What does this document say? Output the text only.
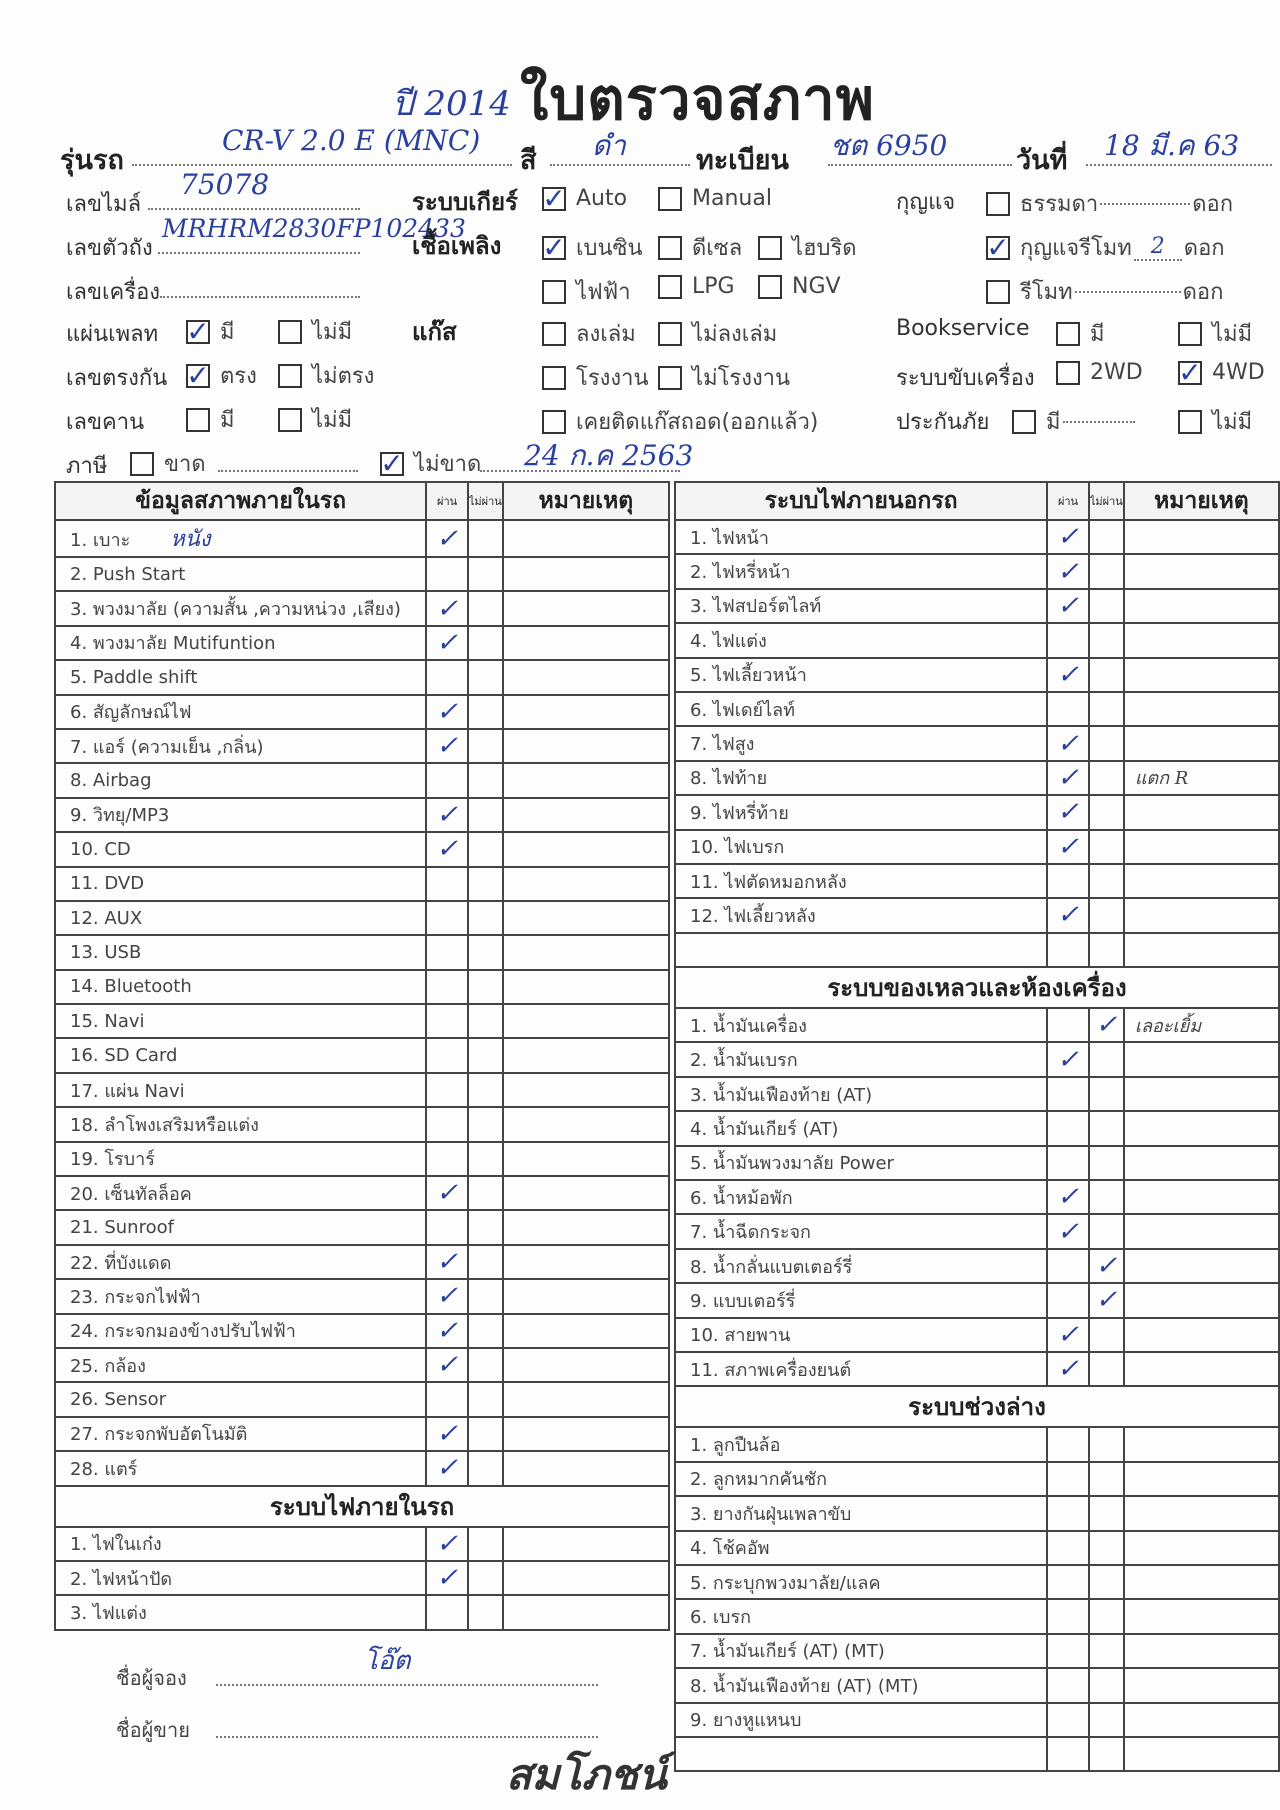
ปี 2014 ใบตรวจสภาพ
รุ่นรถ
CR-V 2.0 E (MNC)
สี ดำ	ทะเบียน ชต 6950	วันที่ 18 มี.ค 63
เลขไมล์
75078
เลขตัวถัง
MRHRM2830FP102433
เลขเครื่อง
แผ่นเพลท ✓ มี	ไม่มี
เลขตรงกัน ✓ ตรง	ไม่ตรง
เลขคาน	มี	ไม่มี
ภาษี	ขาด	✓ ไม่ขาด 24 ก.ค 2563
ระบบเกียร์ ✓ Auto	Manual
เชื้อเพลิง ✓ เบนซิน ดีเซล ไฮบริด
ไฟฟ้า	LPG	NGV
แก๊ส	ลงเล่ม	ไม่ลงเล่ม
โรงงาน ไม่โรงงาน
เคยติดแก๊สถอด(ออกแล้ว)
กุญแจ	ธรรมดา	ดอก
✓ กุญแจรีโมท 2 ดอก
รีโมท	ดอก
Bookservice	มี	ไม่มี
ระบบขับเครื่อง	2WD ✓ 4WD
ประกันภัย	มี	ไม่มี
ข้อมูลสภาพภายในรถ	ผ่าน	ไม่ผ่าน	หมายเหตุ
1. เบาะ หนัง	✓		
2. Push Start			
3. พวงมาลัย (ความสั้น ,ความหน่วง ,เสียง)	✓		
4. พวงมาลัย Mutifuntion	✓		
5. Paddle shift			
6. สัญลักษณ์ไฟ	✓		
7. แอร์ (ความเย็น ,กลิ่น)	✓		
8. Airbag			
9. วิทยุ/MP3	✓		
10. CD	✓		
11. DVD			
12. AUX			
13. USB			
14. Bluetooth			
15. Navi			
16. SD Card			
17. แผ่น Navi			
18. ลำโพงเสริมหรือแต่ง			
19. โรบาร์			
20. เซ็นทัลล็อค	✓		
21. Sunroof			
22. ที่บังแดด	✓		
23. กระจกไฟฟ้า	✓		
24. กระจกมองข้างปรับไฟฟ้า	✓		
25. กล้อง	✓		
26. Sensor			
27. กระจกพับอัตโนมัติ	✓		
28. แตร์	✓		
ระบบไฟภายในรถ			
1. ไฟในเก๋ง	✓		
2. ไฟหน้าปัด	✓		
3. ไฟแต่ง			
ระบบไฟภายนอกรถ	ผ่าน	ไม่ผ่าน	หมายเหตุ
1. ไฟหน้า	✓		
2. ไฟหรี่หน้า	✓		
3. ไฟสปอร์ตไลท์	✓		
4. ไฟแต่ง			
5. ไฟเลี้ยวหน้า	✓		
6. ไฟเดย์ไลท์			
7. ไฟสูง	✓		
8. ไฟท้าย	✓		แตก R
9. ไฟหรี่ท้าย	✓		
10. ไฟเบรก	✓		
11. ไฟตัดหมอกหลัง			
12. ไฟเลี้ยวหลัง	✓		

ระบบของเหลวและห้องเครื่อง			
1. น้ำมันเครื่อง		✓	เลอะเยิ้ม
2. น้ำมันเบรก	✓		
3. น้ำมันเฟืองท้าย (AT)			
4. น้ำมันเกียร์ (AT)			
5. น้ำมันพวงมาลัย Power			
6. น้ำหม้อพัก	✓		
7. น้ำฉีดกระจก	✓		
8. น้ำกลั่นแบตเตอร์รี่		✓	
9. แบบเตอร์รี่		✓	
10. สายพาน	✓		
11. สภาพเครื่องยนต์	✓		
ระบบช่วงล่าง			
1. ลูกปืนล้อ			
2. ลูกหมากคันชัก			
3. ยางกันฝุ่นเพลาขับ			
4. โช้คอัพ			
5. กระบุกพวงมาลัย/แลค			
6. เบรก			
7. น้ำมันเกียร์ (AT) (MT)			
8. น้ำมันเฟืองท้าย (AT) (MT)			
9. ยางหูแหนบ			

ชื่อผู้จอง
โอ๊ต
ชื่อผู้ขาย
สมโภชน์
